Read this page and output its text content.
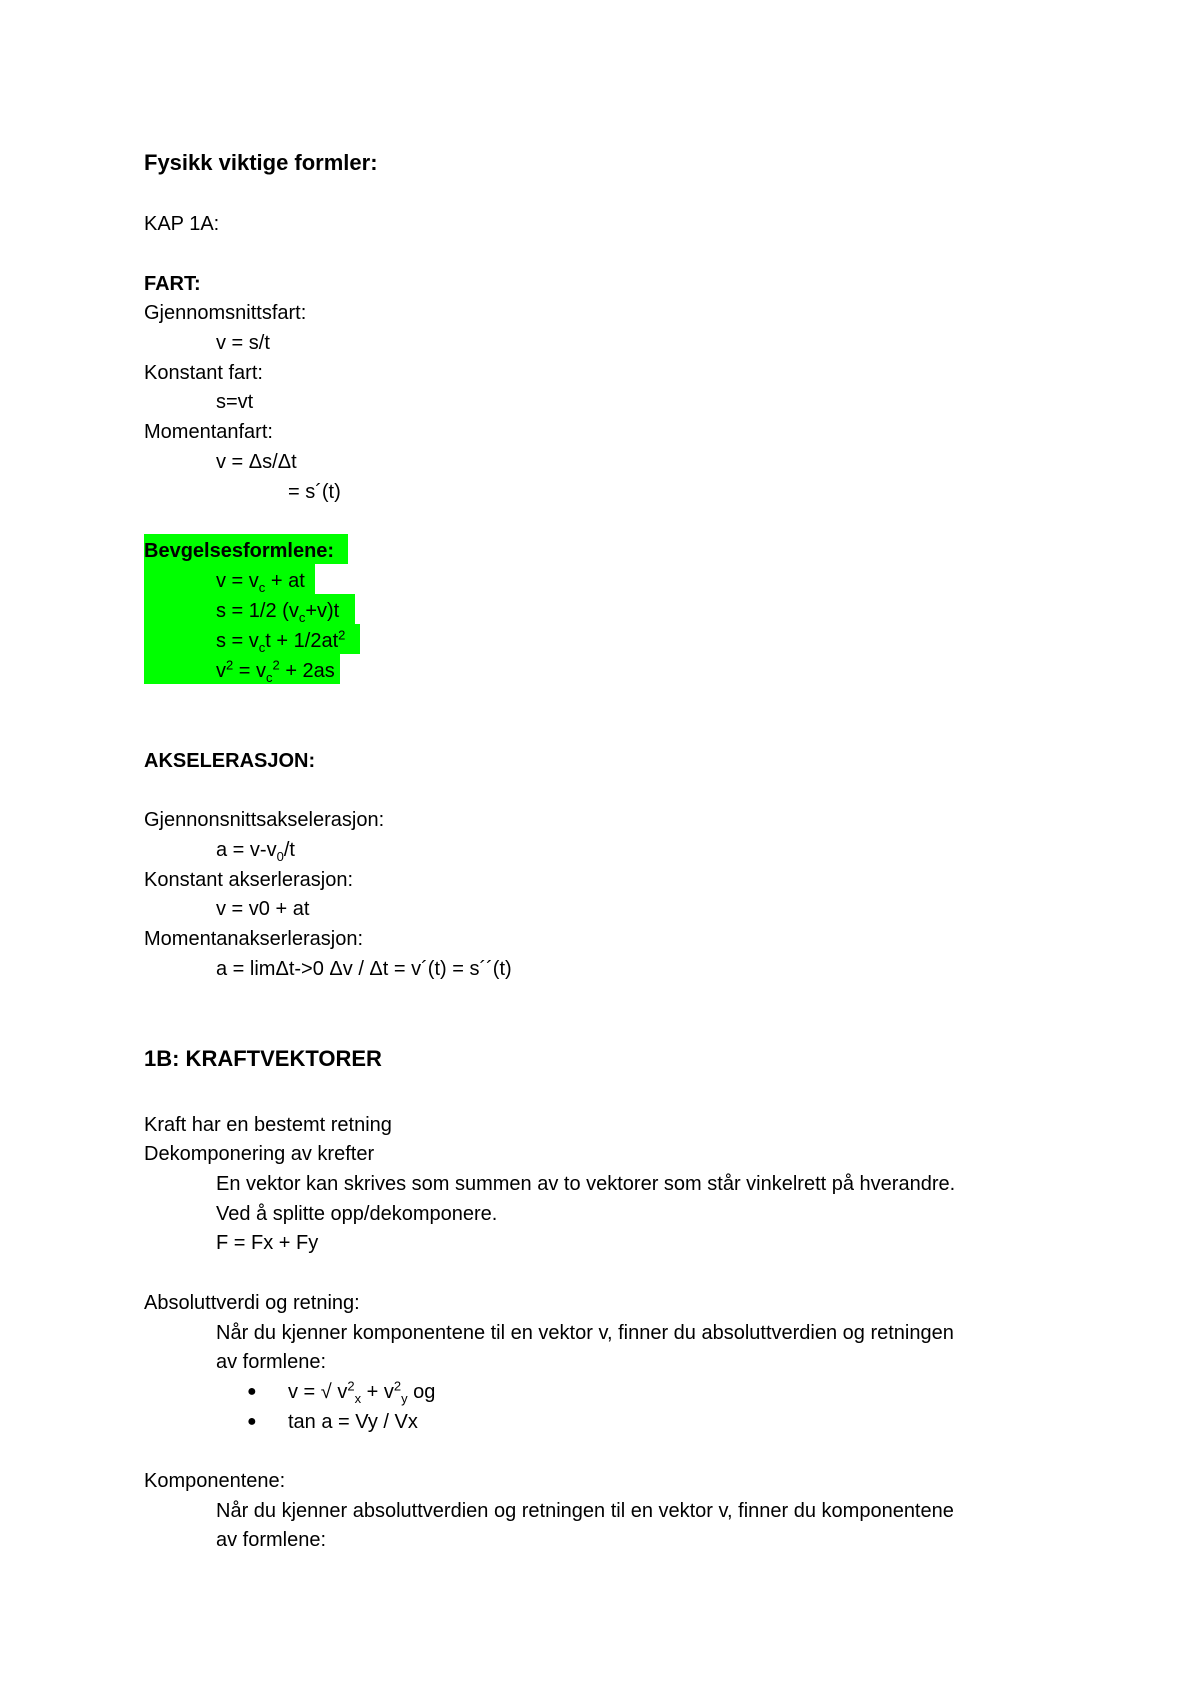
Fysikk viktige formler:
KAP 1A:
FART:
Gjennomsnittsfart:
v = s/t
Konstant fart:
s=vt
Momentanfart:
v = Δs/Δt
= s´(t)
Bevgelsesformlene:
$v = v_c$ + at
s = 1/2 $(v_c+v)t$
$s = v_ct + 1/2at^2$
$v^2 = v_c^2 + 2as$
AKSELERASJON:
Gjennonsnittsakselerasjon:
$a = v-v_0/t$
Konstant akserlerasjon:
v = v0 + at
Momentanakserlerasjon:
a = limΔt->0 Δv / Δt = v´(t) = s´´(t)
1B: KRAFTVEKTORER
Kraft har en bestemt retning
Dekomponering av krefter
En vektor kan skrives som summen av to vektorer som står vinkelrett på hverandre.
Ved å splitte opp/dekomponere.
F = Fx + Fy
Absoluttverdi og retning:
Når du kjenner komponentene til en vektor v, finner du absoluttverdien og retningen
av formlene:
● v = √ $v^2_x + v^2_y$ og
● tan a = Vy / Vx
Komponentene:
Når du kjenner absoluttverdien og retningen til en vektor v, finner du komponentene
av formlene:
